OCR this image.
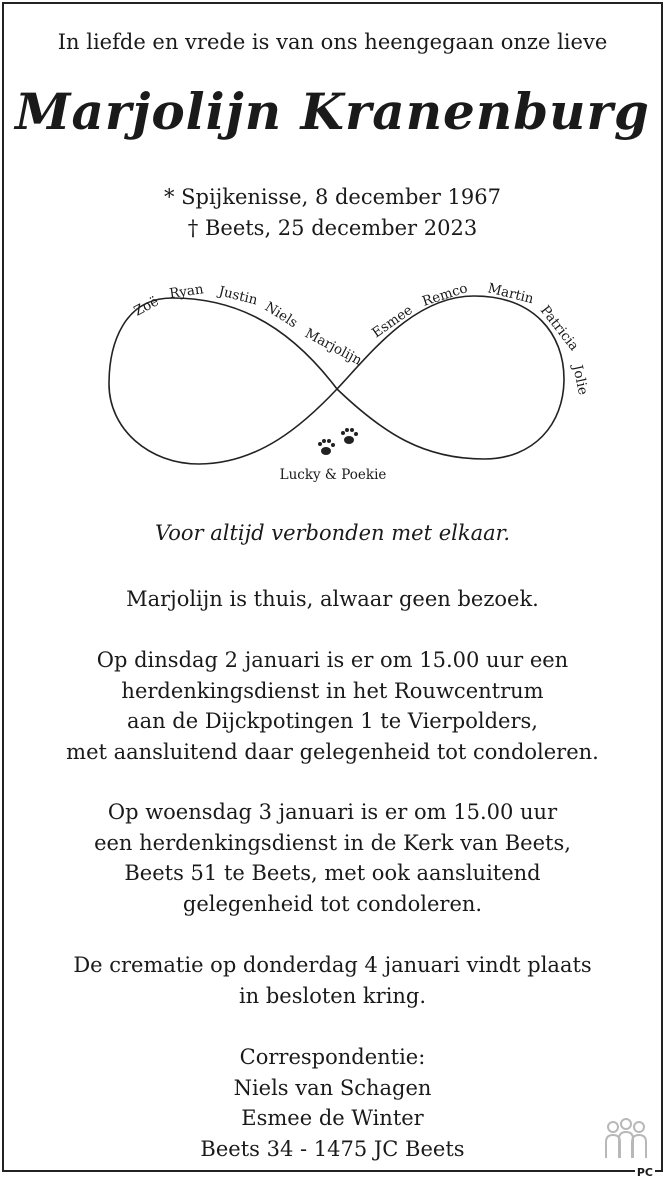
In liefde en vrede is van ons heengegaan onze lieve
Marjolijn Kranenburg
* Spijkenisse, 8 december 1967
† Beets, 25 december 2023
Zoë
Ryan Justin
Niels
Marjolijn
Esmee
Remco Martin
Patricia
Jolie
Lucky & Poekie
Voor altijd verbonden met elkaar.
Marjolijn is thuis, alwaar geen bezoek.
Op dinsdag 2 januari is er om 15.00 uur een
herdenkingsdienst in het Rouwcentrum
aan de Dijckpotingen 1 te Vierpolders,
met aansluitend daar gelegenheid tot condoleren.
Op woensdag 3 januari is er om 15.00 uur
een herdenkingsdienst in de Kerk van Beets,
Beets 51 te Beets, met ook aansluitend
gelegenheid tot condoleren.
De crematie op donderdag 4 januari vindt plaats
in besloten kring.
Correspondentie:
Niels van Schagen
Esmee de Winter
Beets 34 - 1475 JC Beets
PC
